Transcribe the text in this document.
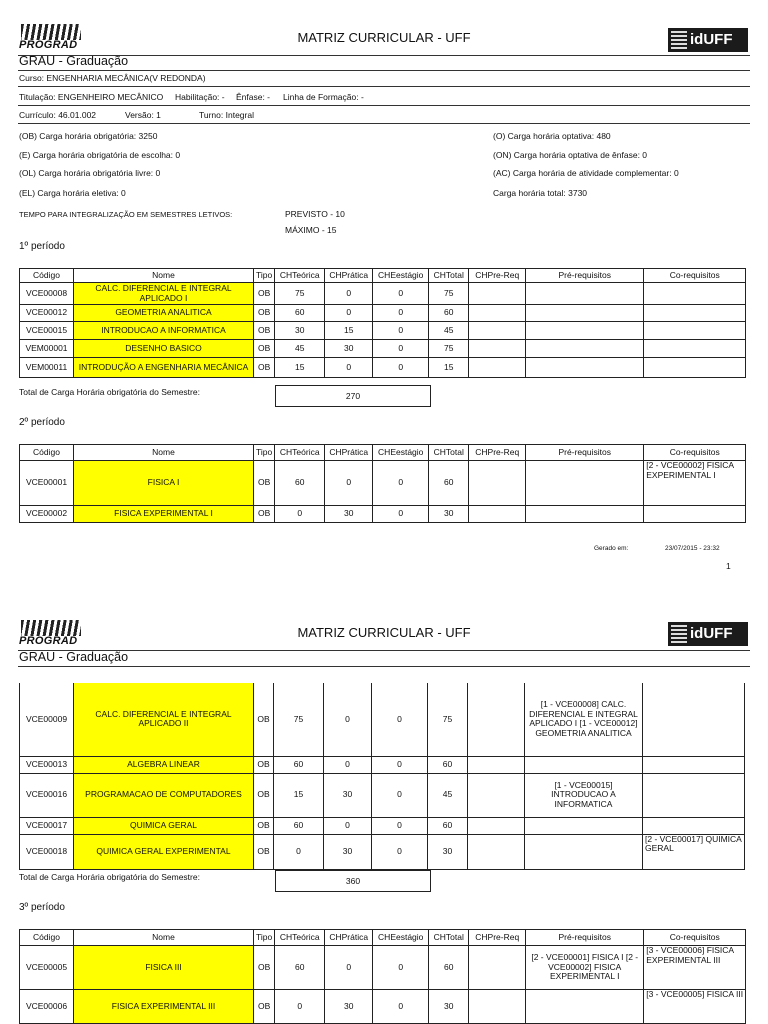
PROGRAD	MATRIZ CURRICULAR - UFF	idUFF
GRAU - Graduação
Curso: ENGENHARIA MECÂNICA(V REDONDA)
Titulação: ENGENHEIRO MECÂNICO Habilitação: - Ênfase: - Linha de Formação: -
Currículo: 46.01.002	Versão: 1	Turno: Integral
(OB) Carga horária obrigatória: 3250
(E) Carga horária obrigatória de escolha: 0
(OL) Carga horária obrigatória livre: 0
(EL) Carga horária eletiva: 0
(O) Carga horária optativa: 480
(ON) Carga horária optativa de ênfase: 0
(AC) Carga horária de atividade complementar: 0
Carga horária total: 3730
TEMPO PARA INTEGRALIZAÇÃO EM SEMESTRES LETIVOS:	PREVISTO - 10
MÁXIMO - 15
1º período
Código	Nome	Tipo	CHTeórica	CHPrática	CHEestágio	CHTotal	CHPre-Req	Pré-requisitos	Co-requisitos
VCE00008	CALC. DIFERENCIAL E INTEGRAL APLICADO I	OB	75	0	0	75			
VCE00012	GEOMETRIA ANALITICA	OB	60	0	0	60			
VCE00015	INTRODUCAO A INFORMATICA	OB	30	15	0	45			
VEM00001	DESENHO BASICO	OB	45	30	0	75			
VEM00011	INTRODUÇÃO A ENGENHARIA MECÂNICA	OB	15	0	0	15			
Total de Carga Horária obrigatória do Semestre:	270
2º período
Código	Nome	Tipo	CHTeórica	CHPrática	CHEestágio	CHTotal	CHPre-Req	Pré-requisitos	Co-requisitos
VCE00001	FISICA I	OB	60	0	0	60			[2 - VCE00002] FISICA EXPERIMENTAL I
VCE00002	FISICA EXPERIMENTAL I	OB	0	30	0	30			
Gerado em:	23/07/2015 - 23:32
1
PROGRAD
MATRIZ CURRICULAR - UFF	idUFF
GRAU - Graduação
VCE00009	CALC. DIFERENCIAL E INTEGRAL APLICADO II	OB	75	0	0	75		[1 - VCE00008] CALC. DIFERENCIAL E INTEGRAL APLICADO I [1 - VCE00012] GEOMETRIA ANALITICA	
VCE00013	ALGEBRA LINEAR	OB	60	0	0	60			
VCE00016	PROGRAMACAO DE COMPUTADORES	OB	15	30	0	45		[1 - VCE00015] INTRODUCAO A INFORMATICA	
VCE00017	QUIMICA GERAL	OB	60	0	0	60			
VCE00018	QUIMICA GERAL EXPERIMENTAL	OB	0	30	0	30			[2 - VCE00017] QUIMICA GERAL
Total de Carga Horária obrigatória do Semestre:	360
3º período
Código	Nome	Tipo	CHTeórica	CHPrática	CHEestágio	CHTotal	CHPre-Req	Pré-requisitos	Co-requisitos
VCE00005	FISICA III	OB	60	0	0	60		[2 - VCE00001] FISICA I [2 - VCE00002] FISICA EXPERIMENTAL I	[3 - VCE00006] FISICA EXPERIMENTAL III
VCE00006	FISICA EXPERIMENTAL III	OB	0	30	0	30			[3 - VCE00005] FISICA III
